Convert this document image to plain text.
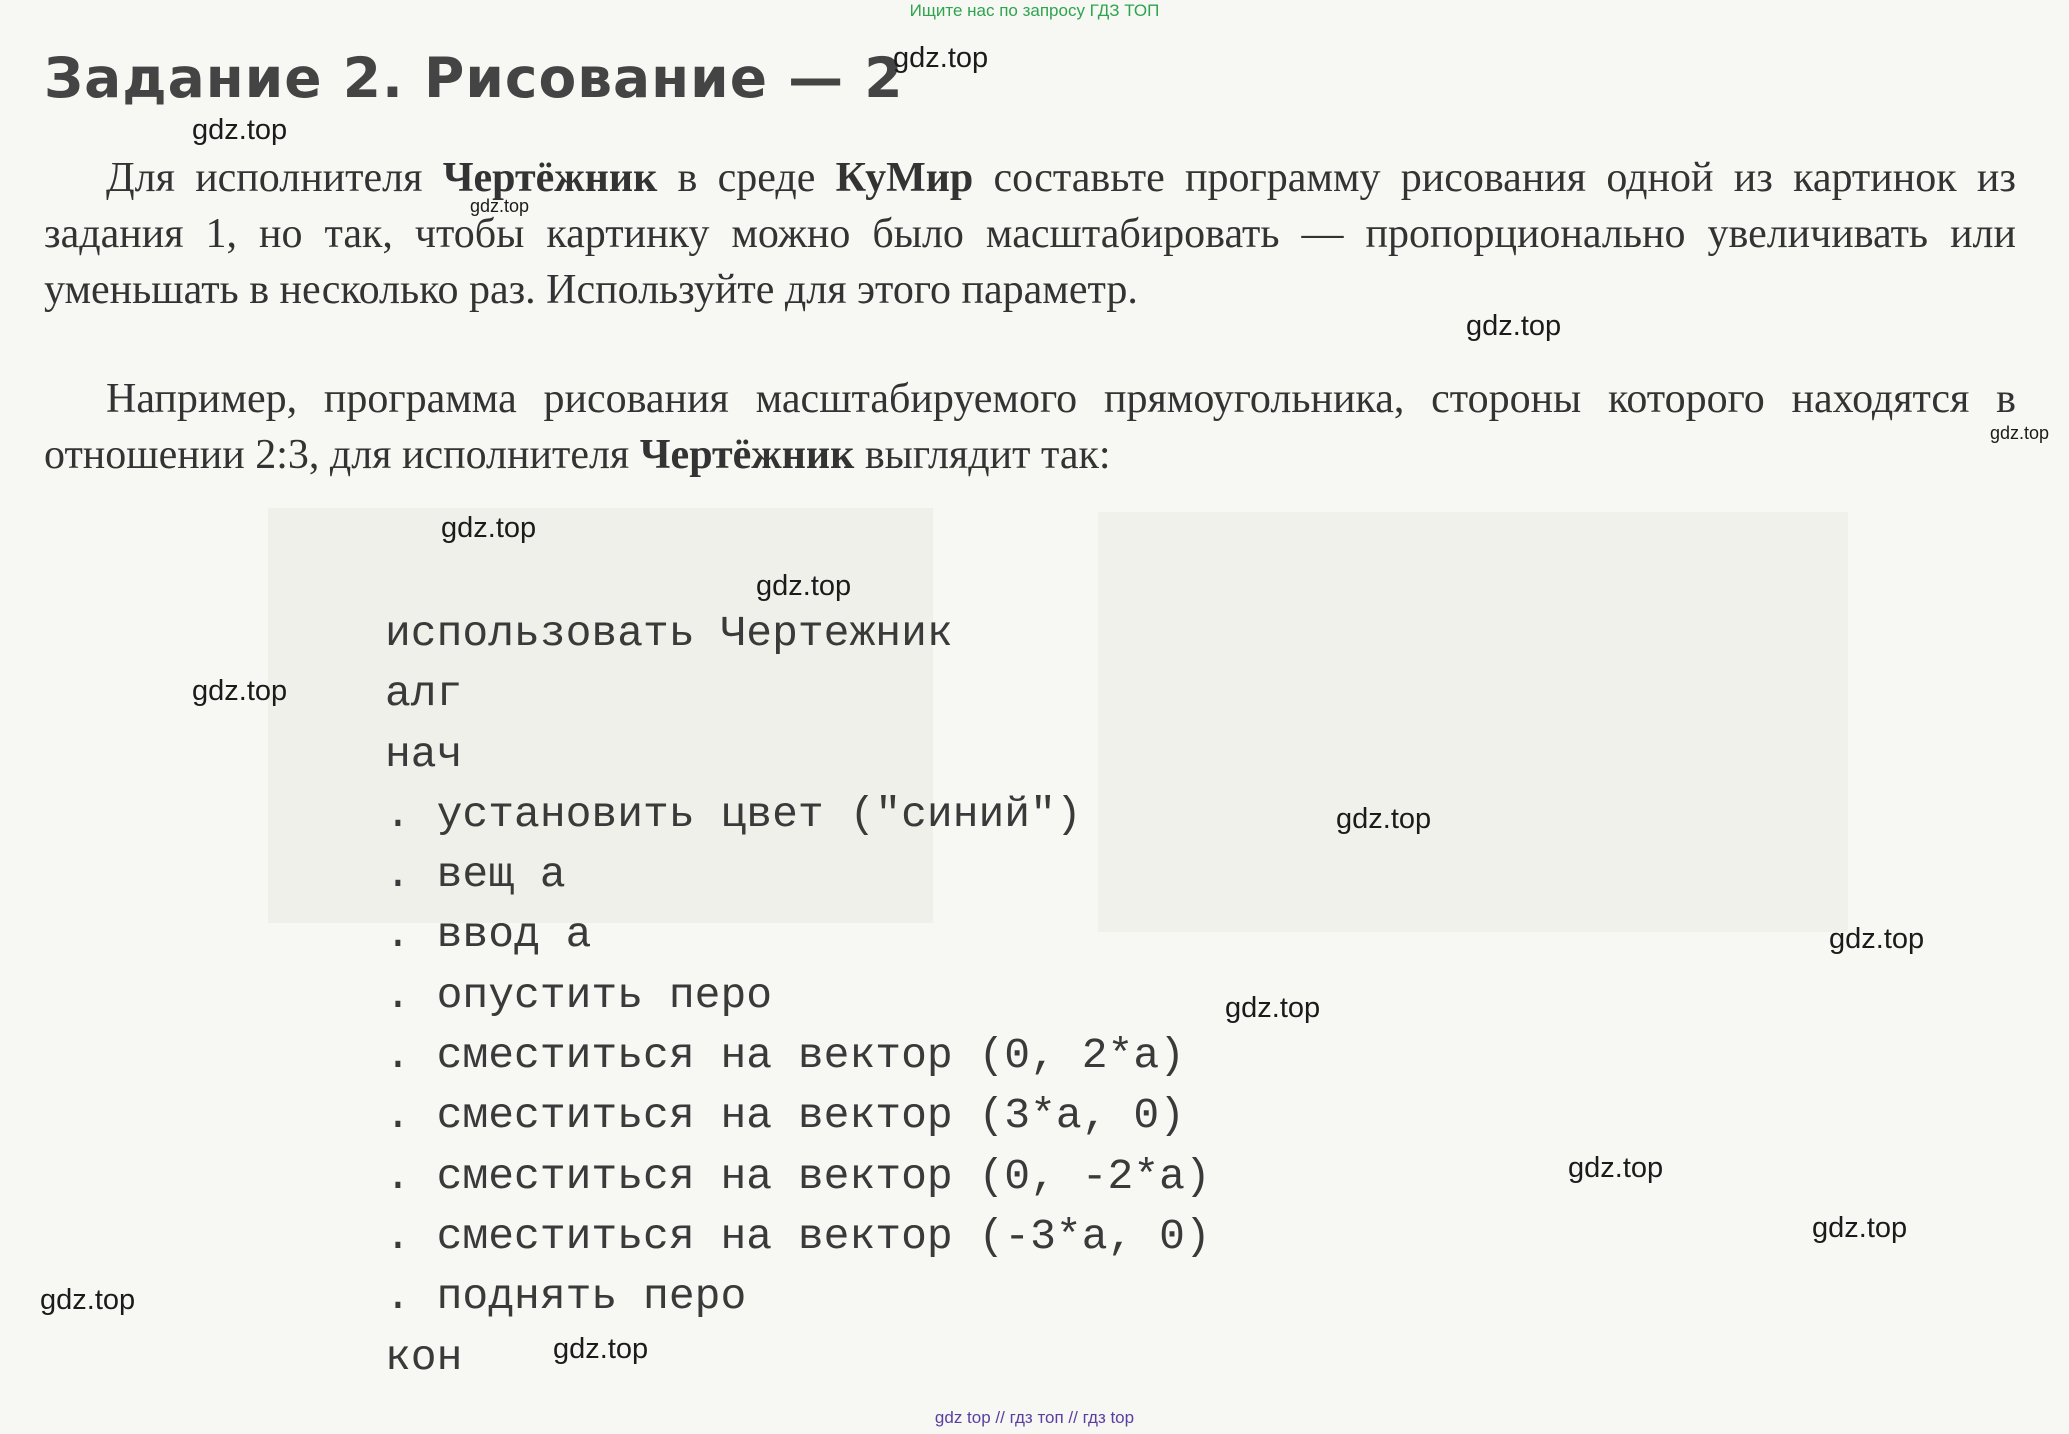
Ищите нас по запросу ГДЗ ТОП
Задание 2. Рисование — 2

Для исполнителя Чертёжник в среде КуМир составьте программу рисования одной из картинок из задания 1, но так, чтобы картинку можно было масштабировать — пропорционально увеличивать или уменьшать в несколько раз. Используйте для этого параметр.

Например, программа рисования масштабируемого прямоугольника, стороны которого находятся в отношении 2:3, для исполнителя Чертёжник выглядит так:

использовать Чертежник
алг
нач
. установить цвет ("синий")
. вещ а
. ввод а
. опустить перо
. сместиться на вектор (0, 2*а)
. сместиться на вектор (3*а, 0)
. сместиться на вектор (0, -2*а)
. сместиться на вектор (-3*а, 0)
. поднять перо
кон
gdz.top
gdz.top
gdz.top
gdz.top
gdz.top
gdz.top
gdz.top
gdz.top
gdz.top
gdz.top
gdz.top
gdz.top
gdz.top
gdz.top
gdz.top
gdz top // гдз топ // гдз top
